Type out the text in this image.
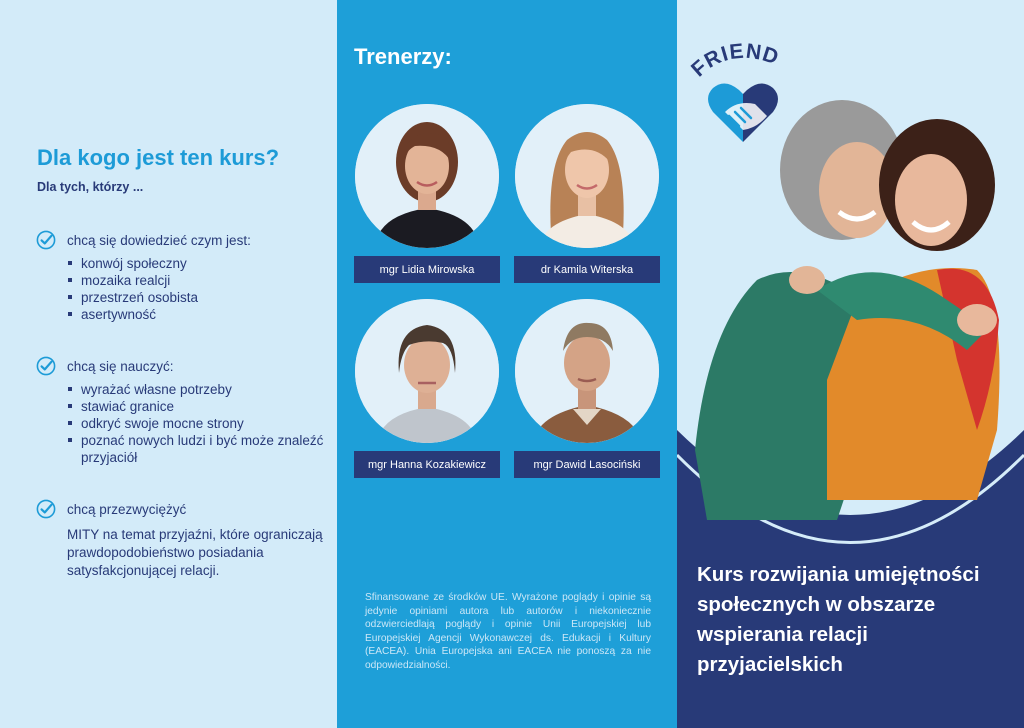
Dla kogo jest ten kurs?
Dla tych, którzy ...
chcą się dowiedzieć czym jest:
konwój społeczny
mozaika realcji
przestrzeń osobista
asertywność
chcą się nauczyć:
wyrażać własne potrzeby
stawiać granice
odkryć swoje mocne strony
poznać nowych ludzi i być może znaleźć przyjaciół
chcą przezwyciężyć

MITY na temat przyjaźni, które ograniczają prawdopodobieństwo posiadania satysfakcjonującej relacji.

Trenerzy:
mgr Lidia Mirowska	dr Kamila Witerska
mgr Hanna Kozakiewicz	mgr Dawid Lasociński

Sfinansowane ze środków UE. Wyrażone poglądy i opinie są jedynie opiniami autora lub autorów i niekoniecznie odzwierciedlają poglądy i opinie Unii Europejskiej lub Europejskiej Agencji Wykonawczej ds. Edukacji i Kultury (EACEA). Unia Europejska ani EACEA nie ponoszą za nie odpowiedzialności.

FRIEND
Kurs rozwijania umiejętności społecznych w obszarze wspierania relacji przyjacielskich
